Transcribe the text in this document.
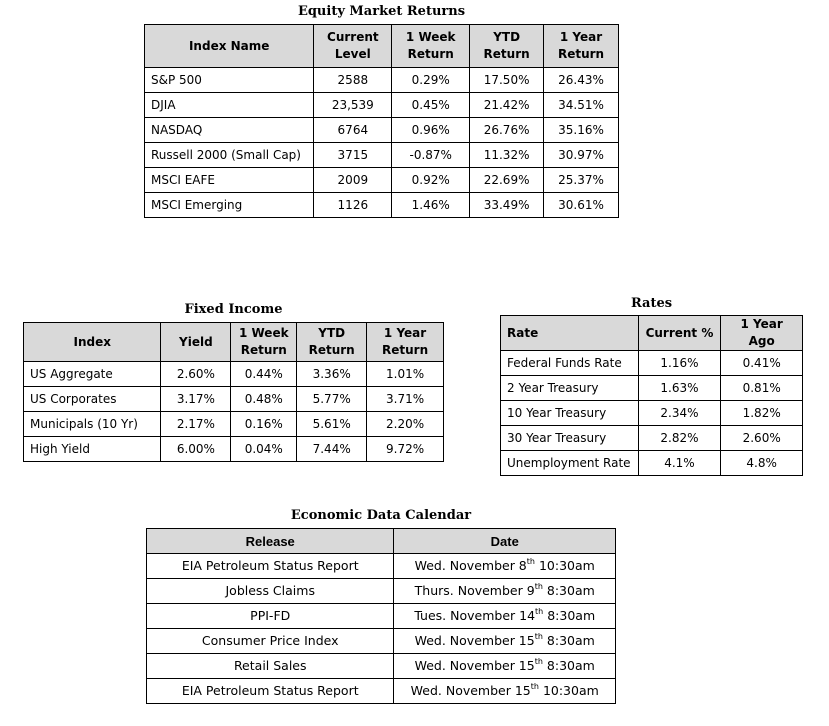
Equity Market Returns
Index Name	Current Level	1 Week Return	YTD Return	1 Year Return
S&P 500	2588	0.29%	17.50%	26.43%
DJIA	23,539	0.45%	21.42%	34.51%
NASDAQ	6764	0.96%	26.76%	35.16%
Russell 2000 (Small Cap)	3715	-0.87%	11.32%	30.97%
MSCI EAFE	2009	0.92%	22.69%	25.37%
MSCI Emerging	1126	1.46%	33.49%	30.61%
Fixed Income
Index	Yield	1 Week Return	YTD Return	1 Year Return
US Aggregate	2.60%	0.44%	3.36%	1.01%
US Corporates	3.17%	0.48%	5.77%	3.71%
Municipals (10 Yr)	2.17%	0.16%	5.61%	2.20%
High Yield	6.00%	0.04%	7.44%	9.72%
Rates
Rate	Current %	1 Year Ago
Federal Funds Rate	1.16%	0.41%
2 Year Treasury	1.63%	0.81%
10 Year Treasury	2.34%	1.82%
30 Year Treasury	2.82%	2.60%
Unemployment Rate	4.1%	4.8%
Economic Data Calendar
Release	Date
EIA Petroleum Status Report	Wed. November 8th 10:30am
Jobless Claims	Thurs. November 9th 8:30am
PPI-FD	Tues. November 14th 8:30am
Consumer Price Index	Wed. November 15th 8:30am
Retail Sales	Wed. November 15th 8:30am
EIA Petroleum Status Report	Wed. November 15th 10:30am
